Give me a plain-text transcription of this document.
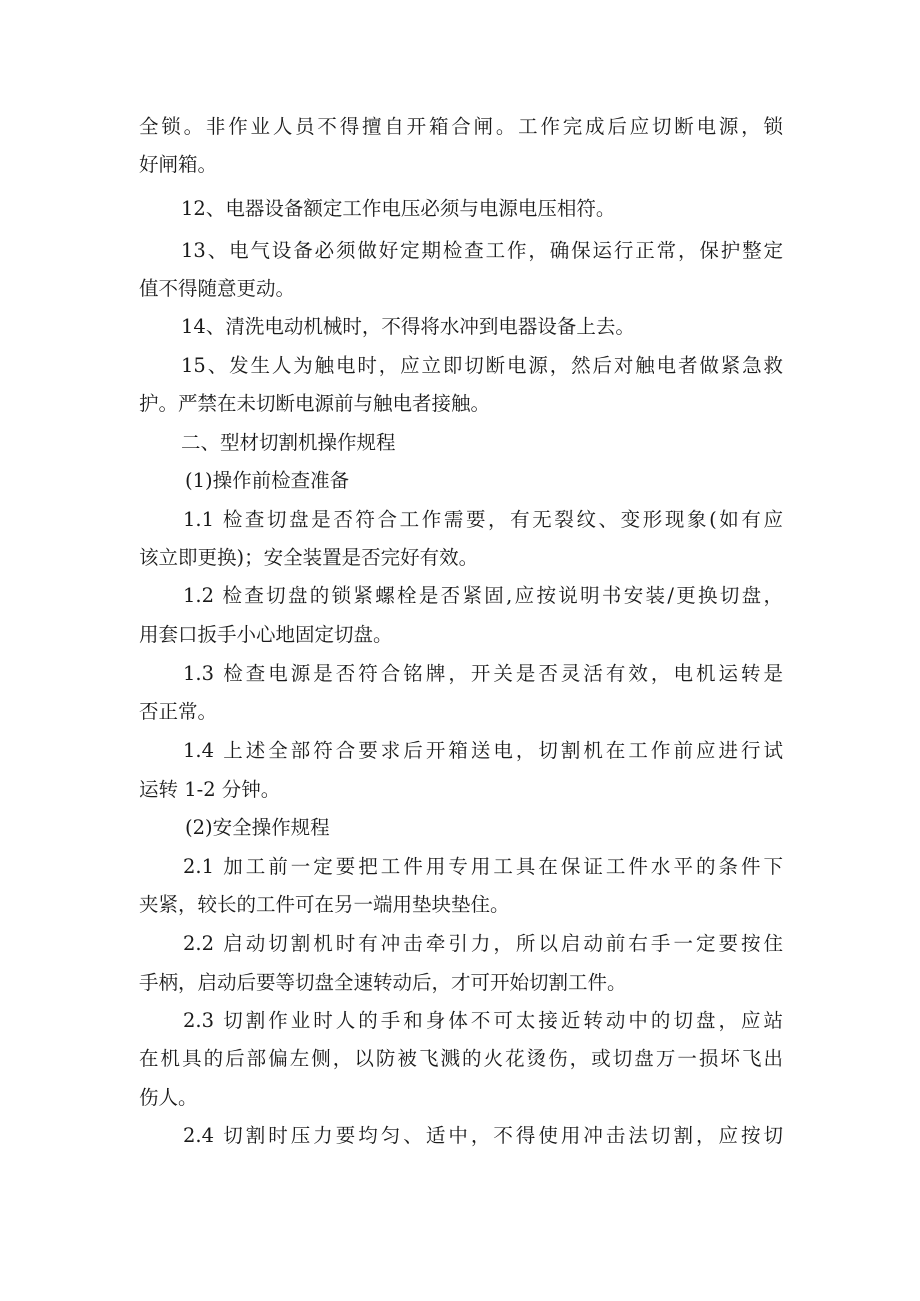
全锁。非作业人员不得擅自开箱合闸。工作完成后应切断电源，锁
好闸箱。
12、电器设备额定工作电压必须与电源电压相符。
13、电气设备必须做好定期检查工作，确保运行正常，保护整定
值不得随意更动。
14、清洗电动机械时，不得将水冲到电器设备上去。
15、发生人为触电时，应立即切断电源，然后对触电者做紧急救
护。严禁在未切断电源前与触电者接触。
二、型材切割机操作规程
(1)操作前检查准备
1.1 检查切盘是否符合工作需要，有无裂纹、变形现象(如有应
该立即更换)；安全装置是否完好有效。
1.2 检查切盘的锁紧螺栓是否紧固,应按说明书安装/更换切盘，
用套口扳手小心地固定切盘。
1.3 检查电源是否符合铭牌，开关是否灵活有效，电机运转是
否正常。
1.4 上述全部符合要求后开箱送电，切割机在工作前应进行试
运转 1-2 分钟。
(2)安全操作规程
2.1 加工前一定要把工件用专用工具在保证工件水平的条件下
夹紧，较长的工件可在另一端用垫块垫住。
2.2 启动切割机时有冲击牵引力，所以启动前右手一定要按住
手柄，启动后要等切盘全速转动后，才可开始切割工件。
2.3 切割作业时人的手和身体不可太接近转动中的切盘，应站
在机具的后部偏左侧，以防被飞溅的火花烫伤，或切盘万一损坏飞出
伤人。
2.4 切割时压力要均匀、适中，不得使用冲击法切割，应按切
